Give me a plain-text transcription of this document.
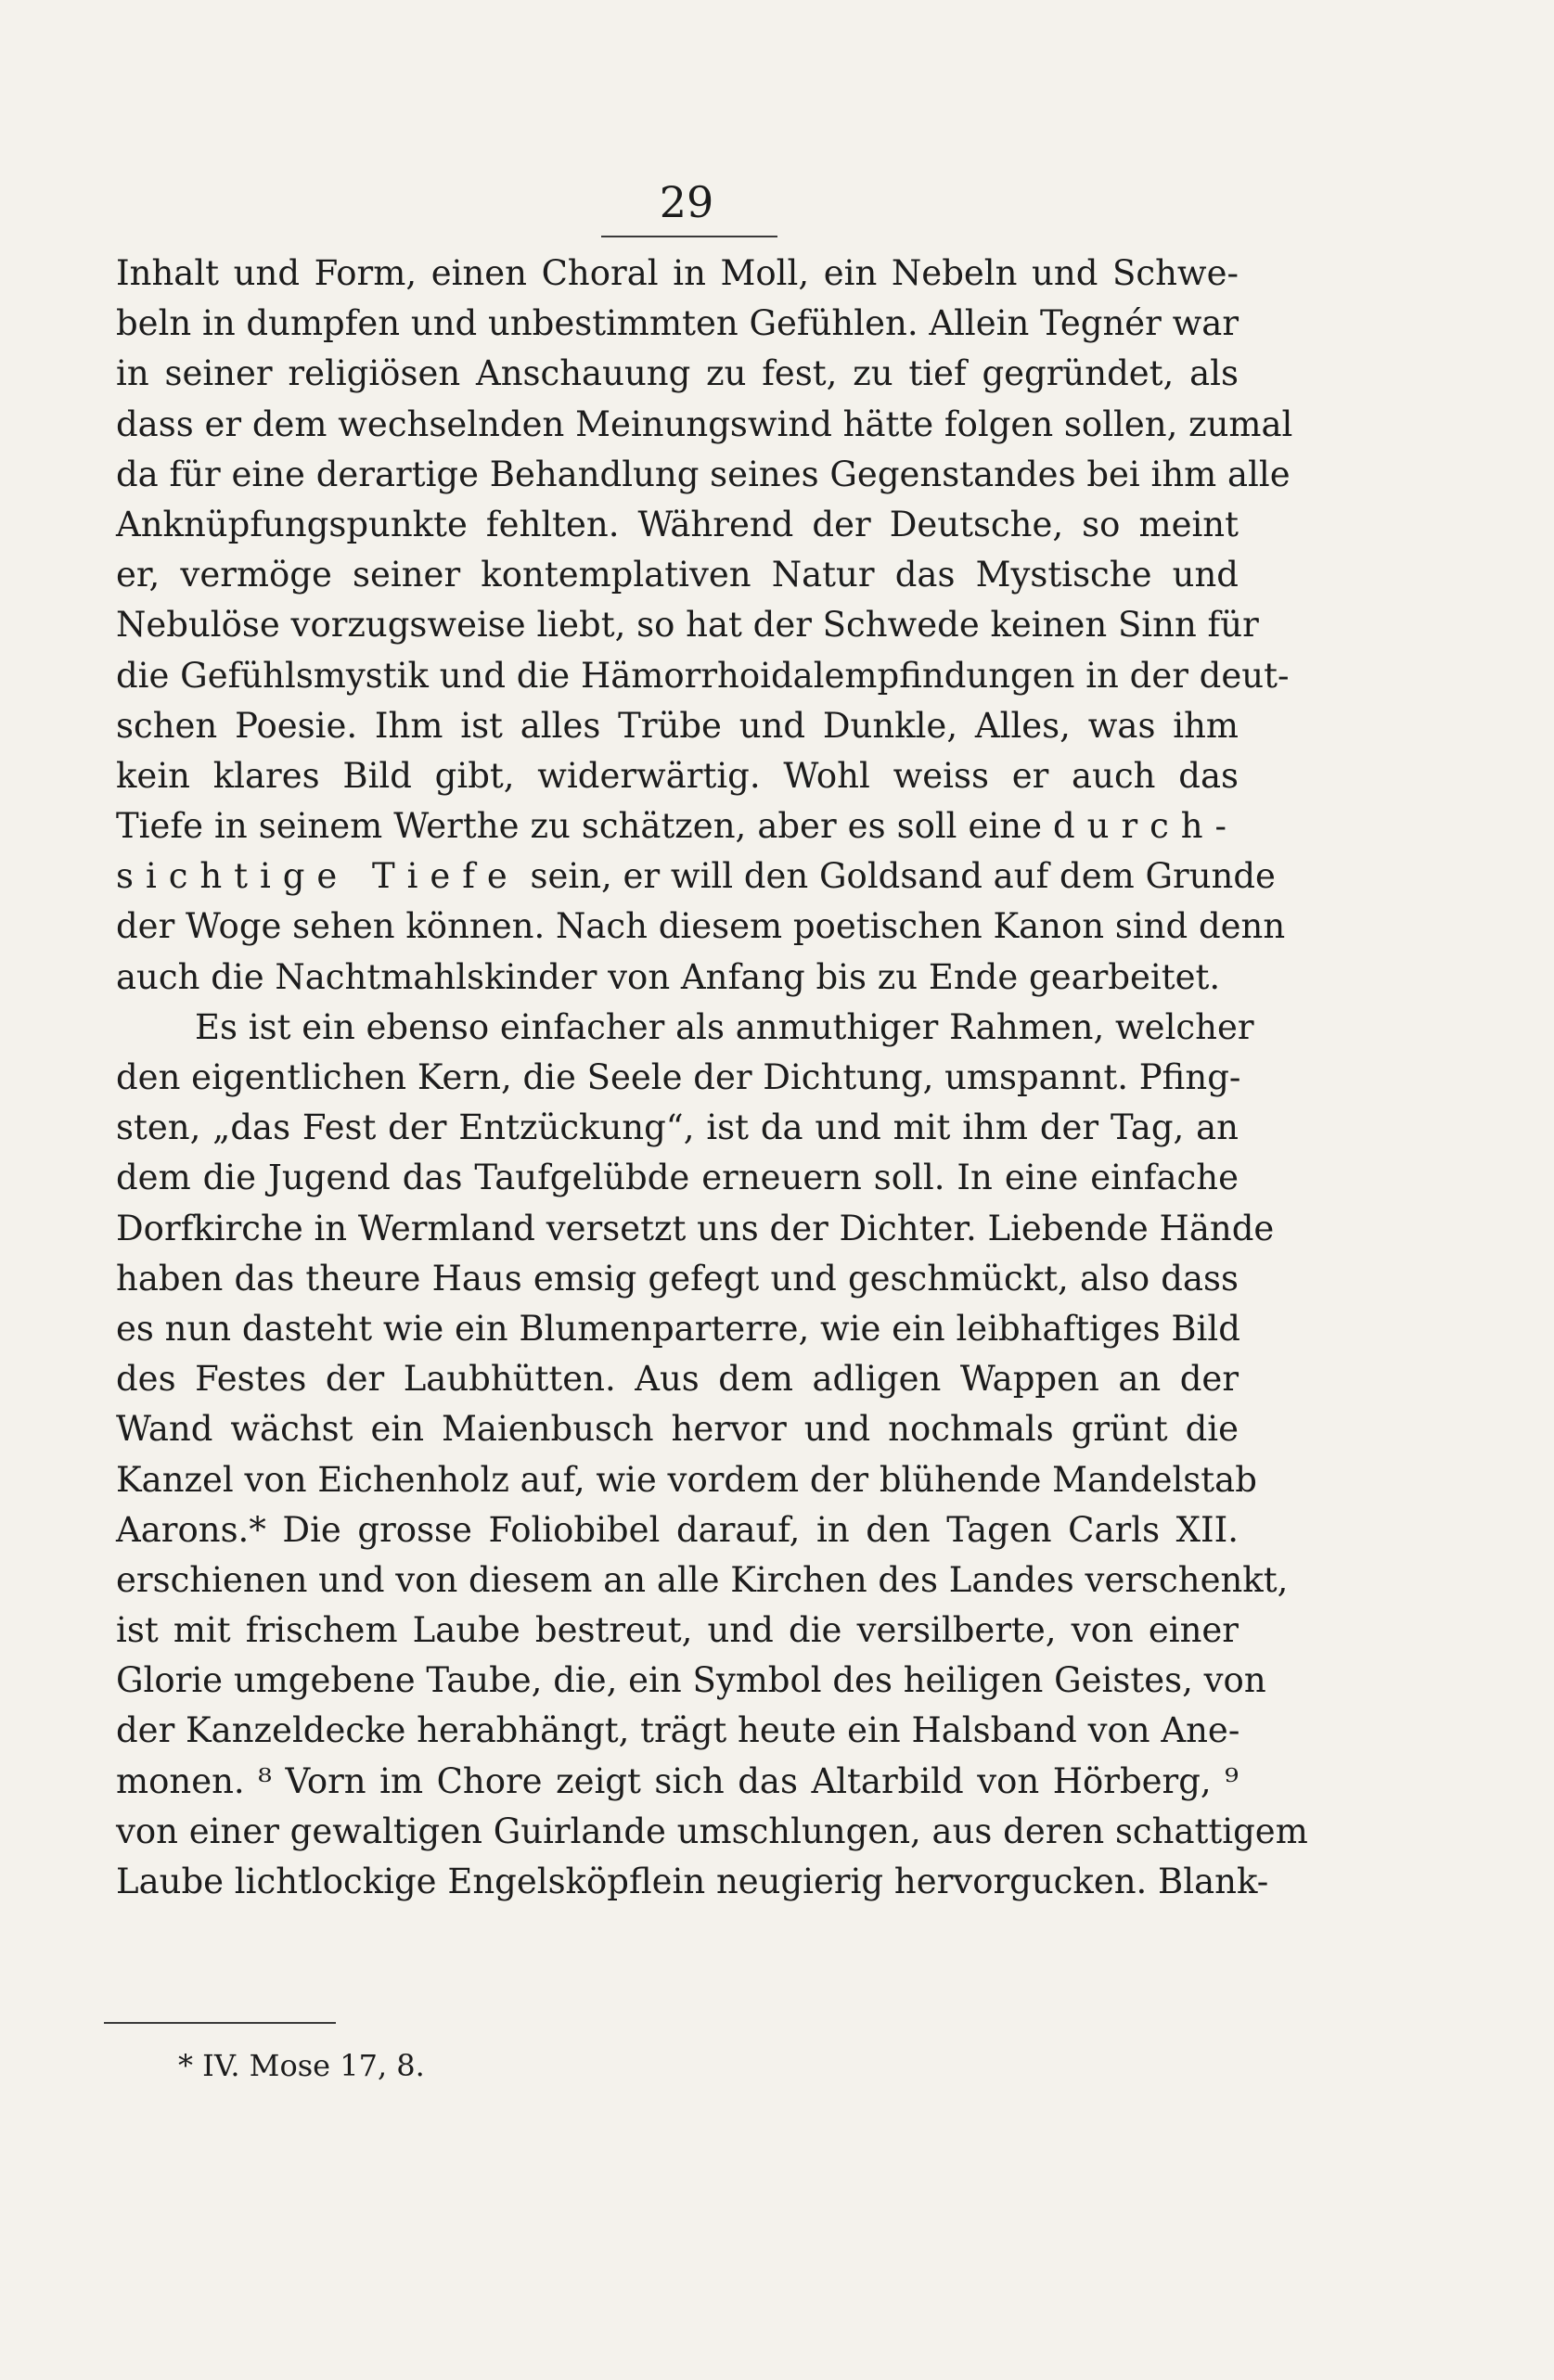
29
Inhalt und Form, einen Choral in Moll, ein Nebeln und Schwe-
beln in dumpfen und unbestimmten Gefühlen. Allein Tegnér war
in seiner religiösen Anschauung zu fest, zu tief gegründet, als
dass er dem wechselnden Meinungswind hätte folgen sollen, zumal
da für eine derartige Behandlung seines Gegenstandes bei ihm alle
Anknüpfungspunkte fehlten. Während der Deutsche, so meint
er, vermöge seiner kontemplativen Natur das Mystische und
Nebulöse vorzugsweise liebt, so hat der Schwede keinen Sinn für
die Gefühlsmystik und die Hämorrhoidalempfindungen in der deut-
schen Poesie. Ihm ist alles Trübe und Dunkle, Alles, was ihm
kein klares Bild gibt, widerwärtig. Wohl weiss er auch das
Tiefe in seinem Werthe zu schätzen, aber es soll eine durch-
sichtige Tiefe sein, er will den Goldsand auf dem Grunde
der Woge sehen können. Nach diesem poetischen Kanon sind denn
auch die Nachtmahlskinder von Anfang bis zu Ende gearbeitet.
Es ist ein ebenso einfacher als anmuthiger Rahmen, welcher
den eigentlichen Kern, die Seele der Dichtung, umspannt. Pfing-
sten, „das Fest der Entzückung“, ist da und mit ihm der Tag, an
dem die Jugend das Taufgelübde erneuern soll. In eine einfache
Dorfkirche in Wermland versetzt uns der Dichter. Liebende Hände
haben das theure Haus emsig gefegt und geschmückt, also dass
es nun dasteht wie ein Blumenparterre, wie ein leibhaftiges Bild
des Festes der Laubhütten. Aus dem adligen Wappen an der
Wand wächst ein Maienbusch hervor und nochmals grünt die
Kanzel von Eichenholz auf, wie vordem der blühende Mandelstab
Aarons.* Die grosse Foliobibel darauf, in den Tagen Carls XII.
erschienen und von diesem an alle Kirchen des Landes verschenkt,
ist mit frischem Laube bestreut, und die versilberte, von einer
Glorie umgebene Taube, die, ein Symbol des heiligen Geistes, von
der Kanzeldecke herabhängt, trägt heute ein Halsband von Ane-
monen. ⁸ Vorn im Chore zeigt sich das Altarbild von Hörberg, ⁹
von einer gewaltigen Guirlande umschlungen, aus deren schattigem
Laube lichtlockige Engelsköpflein neugierig hervorgucken. Blank-
* IV. Mose 17, 8.
